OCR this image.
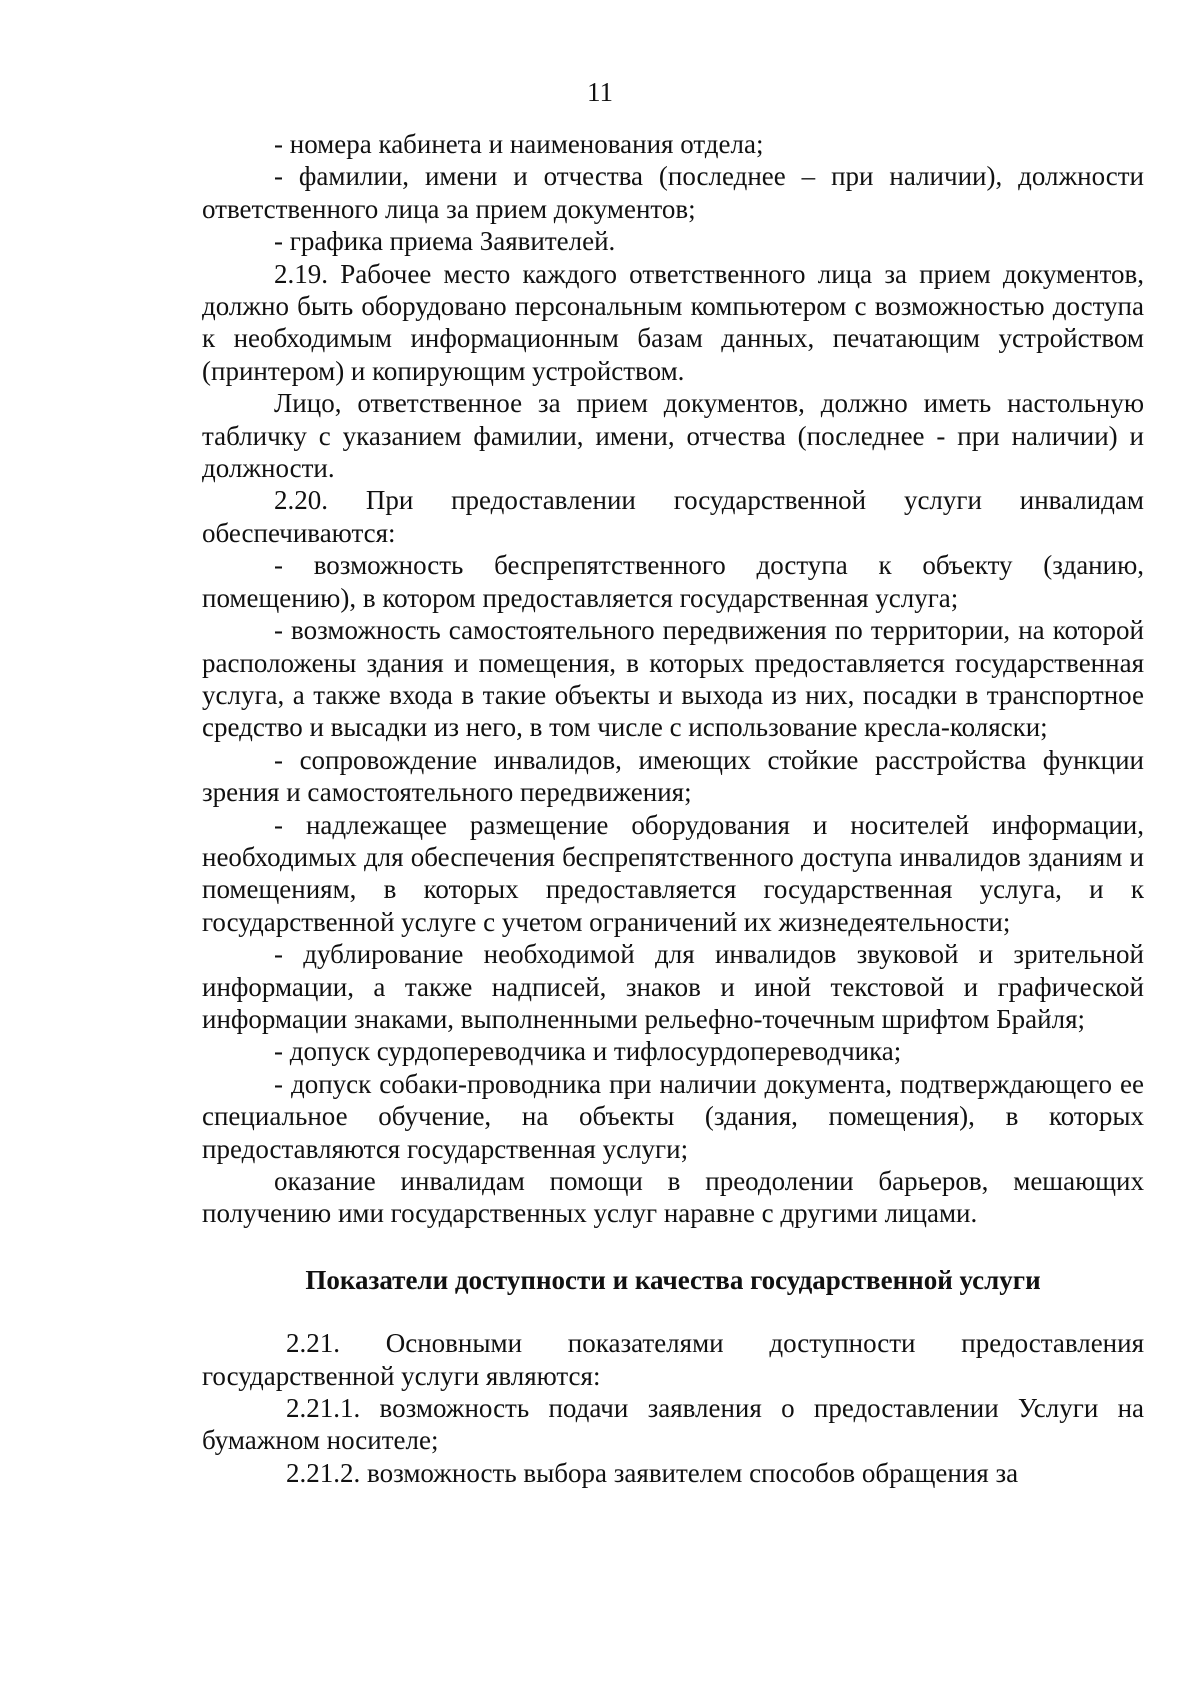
11

- номера кабинета и наименования отдела;

- фамилии, имени и отчества (последнее – при наличии), должности ответственного лица за прием документов;

- графика приема Заявителей.

2.19. Рабочее место каждого ответственного лица за прием документов, должно быть оборудовано персональным компьютером с возможностью доступа к необходимым информационным базам данных, печатающим устройством (принтером) и копирующим устройством.

Лицо, ответственное за прием документов, должно иметь настольную табличку с указанием фамилии, имени, отчества (последнее - при наличии) и должности.

2.20. При предоставлении государственной услуги инвалидам обеспечиваются:

- возможность беспрепятственного доступа к объекту (зданию, помещению), в котором предоставляется государственная услуга;

- возможность самостоятельного передвижения по территории, на которой расположены здания и помещения, в которых предоставляется государственная услуга, а также входа в такие объекты и выхода из них, посадки в транспортное средство и высадки из него, в том числе с использование кресла-коляски;

- сопровождение инвалидов, имеющих стойкие расстройства функции зрения и самостоятельного передвижения;

- надлежащее размещение оборудования и носителей информации, необходимых для обеспечения беспрепятственного доступа инвалидов зданиям и помещениям, в которых предоставляется государственная услуга, и к государственной услуге с учетом ограничений их жизнедеятельности;

- дублирование необходимой для инвалидов звуковой и зрительной информации, а также надписей, знаков и иной текстовой и графической информации знаками, выполненными рельефно-точечным шрифтом Брайля;

- допуск сурдопереводчика и тифлосурдопереводчика;

- допуск собаки-проводника при наличии документа, подтверждающего ее специальное обучение, на объекты (здания, помещения), в которых предоставляются государственная услуги;

оказание инвалидам помощи в преодолении барьеров, мешающих получению ими государственных услуг наравне с другими лицами.

Показатели доступности и качества государственной услуги

2.21. Основными показателями доступности предоставления государственной услуги являются:

2.21.1. возможность подачи заявления о предоставлении Услуги на бумажном носителе;

2.21.2. возможность выбора заявителем способов обращения за
